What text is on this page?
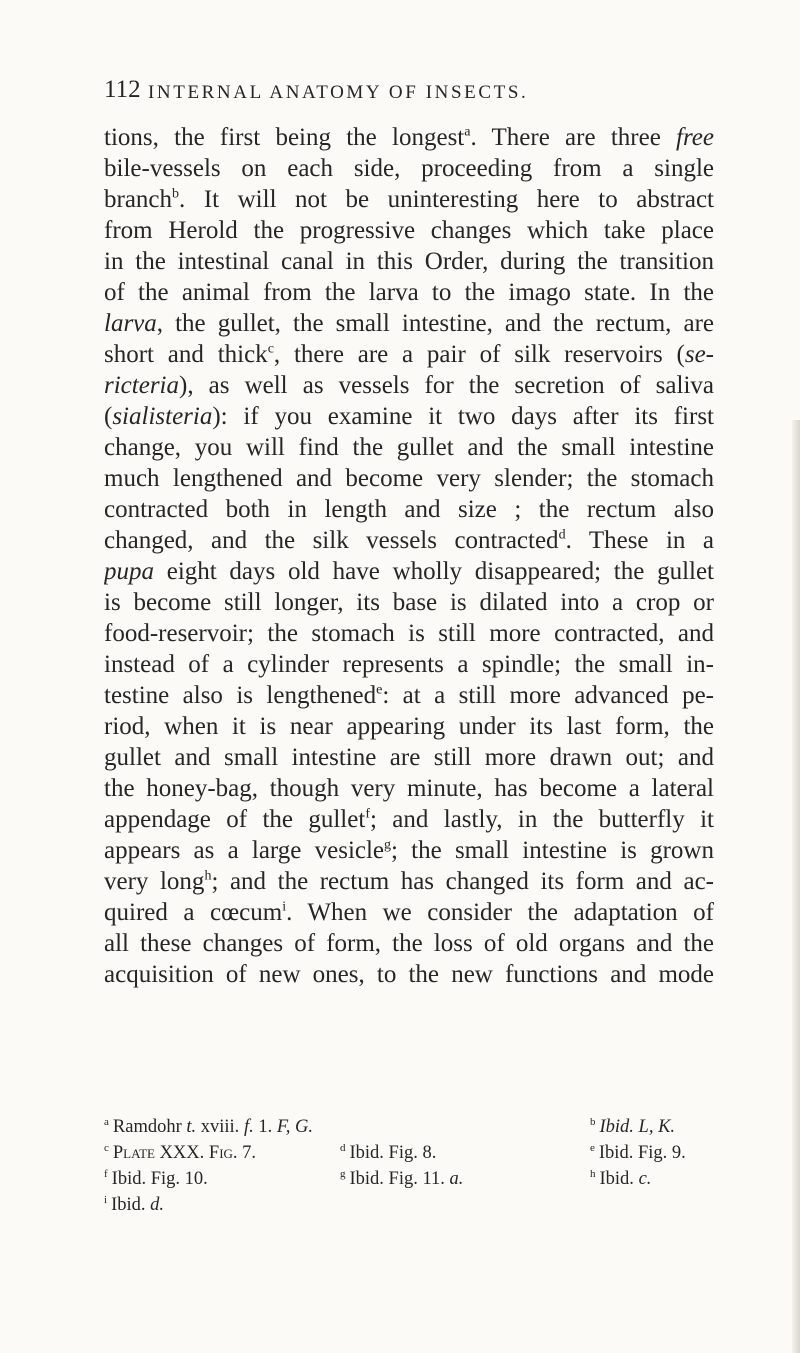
112 INTERNAL ANATOMY OF INSECTS.
tions, the first being the longest$^a$. There are three free
bile-vessels on each side, proceeding from a single
branch$^b$. It will not be uninteresting here to abstract
from Herold the progressive changes which take place
in the intestinal canal in this Order, during the transition
of the animal from the larva to the imago state. In the
larva, the gullet, the small intestine, and the rectum, are
short and thick$^c$, there are a pair of silk reservoirs (se-
ricteria), as well as vessels for the secretion of saliva
(sialisteria): if you examine it two days after its first
change, you will find the gullet and the small intestine
much lengthened and become very slender; the stomach
contracted both in length and size ; the rectum also
changed, and the silk vessels contracted$^d$. These in a
pupa eight days old have wholly disappeared; the gullet
is become still longer, its base is dilated into a crop or
food-reservoir; the stomach is still more contracted, and
instead of a cylinder represents a spindle; the small in-
testine also is lengthened$^e$: at a still more advanced pe-
riod, when it is near appearing under its last form, the
gullet and small intestine are still more drawn out; and
the honey-bag, though very minute, has become a lateral
appendage of the gullet$^f$; and lastly, in the butterfly it
appears as a large vesicle$^g$; the small intestine is grown
very long$^h$; and the rectum has changed its form and ac-
quired a cœcum$^i$. When we consider the adaptation of
all these changes of form, the loss of old organs and the
acquisition of new ones, to the new functions and mode
$^a$ Ramdohr t. xviii. f. 1. F, G.	$^b$ Ibid. L, K.
$^c$ Plate XXX. Fig. 7.	$^d$ Ibid. Fig. 8.	$^e$ Ibid. Fig. 9.
$^f$ Ibid. Fig. 10.	$^g$ Ibid. Fig. 11. a.	$^h$ Ibid. c.
$^i$ Ibid. d.
